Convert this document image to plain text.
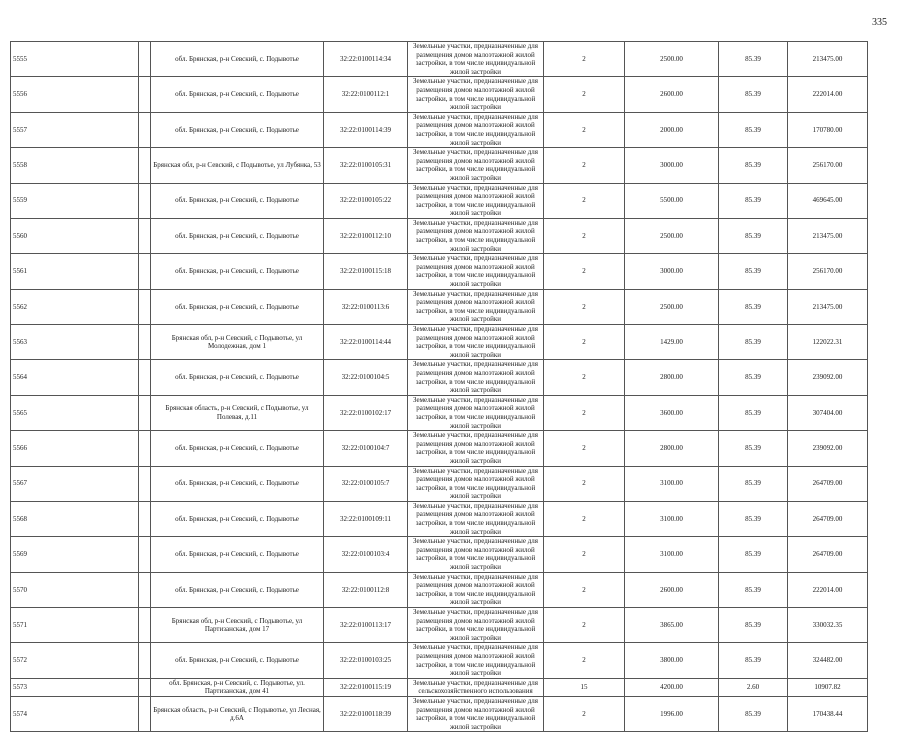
335
5555		обл. Брянская, р-н Севский, с. Подывотье	32:22:0100114:34	Земельные участки, предназначенные для размещения домов малоэтажной жилой застройки, в том числе индивидуальной жилой застройки	2	2500.00	85.39	213475.00
5556		обл. Брянская, р-н Севский, с. Подывотье	32:22:0100112:1	Земельные участки, предназначенные для размещения домов малоэтажной жилой застройки, в том числе индивидуальной жилой застройки	2	2600.00	85.39	222014.00
5557		обл. Брянская, р-н Севский, с. Подывотье	32:22:0100114:39	Земельные участки, предназначенные для размещения домов малоэтажной жилой застройки, в том числе индивидуальной жилой застройки	2	2000.00	85.39	170780.00
5558		Брянская обл, р-н Севский, с Подывотье, ул Лубянка, 53	32:22:0100105:31	Земельные участки, предназначенные для размещения домов малоэтажной жилой застройки, в том числе индивидуальной жилой застройки	2	3000.00	85.39	256170.00
5559		обл. Брянская, р-н Севский, с. Подывотье	32:22:0100105:22	Земельные участки, предназначенные для размещения домов малоэтажной жилой застройки, в том числе индивидуальной жилой застройки	2	5500.00	85.39	469645.00
5560		обл. Брянская, р-н Севский, с. Подывотье	32:22:0100112:10	Земельные участки, предназначенные для размещения домов малоэтажной жилой застройки, в том числе индивидуальной жилой застройки	2	2500.00	85.39	213475.00
5561		обл. Брянская, р-н Севский, с. Подывотье	32:22:0100115:18	Земельные участки, предназначенные для размещения домов малоэтажной жилой застройки, в том числе индивидуальной жилой застройки	2	3000.00	85.39	256170.00
5562		обл. Брянская, р-н Севский, с. Подывотье	32:22:0100113:6	Земельные участки, предназначенные для размещения домов малоэтажной жилой застройки, в том числе индивидуальной жилой застройки	2	2500.00	85.39	213475.00
5563		Брянская обл, р-н Севский, с Подывотье, ул Молодежная, дом 1	32:22:0100114:44	Земельные участки, предназначенные для размещения домов малоэтажной жилой застройки, в том числе индивидуальной жилой застройки	2	1429.00	85.39	122022.31
5564		обл. Брянская, р-н Севский, с. Подывотье	32:22:0100104:5	Земельные участки, предназначенные для размещения домов малоэтажной жилой застройки, в том числе индивидуальной жилой застройки	2	2800.00	85.39	239092.00
5565		Брянская область, р-н Севский, с Подывотье, ул Полевая, д.11	32:22:0100102:17	Земельные участки, предназначенные для размещения домов малоэтажной жилой застройки, в том числе индивидуальной жилой застройки	2	3600.00	85.39	307404.00
5566		обл. Брянская, р-н Севский, с. Подывотье	32:22:0100104:7	Земельные участки, предназначенные для размещения домов малоэтажной жилой застройки, в том числе индивидуальной жилой застройки	2	2800.00	85.39	239092.00
5567		обл. Брянская, р-н Севский, с. Подывотье	32:22:0100105:7	Земельные участки, предназначенные для размещения домов малоэтажной жилой застройки, в том числе индивидуальной жилой застройки	2	3100.00	85.39	264709.00
5568		обл. Брянская, р-н Севский, с. Подывотье	32:22:0100109:11	Земельные участки, предназначенные для размещения домов малоэтажной жилой застройки, в том числе индивидуальной жилой застройки	2	3100.00	85.39	264709.00
5569		обл. Брянская, р-н Севский, с. Подывотье	32:22:0100103:4	Земельные участки, предназначенные для размещения домов малоэтажной жилой застройки, в том числе индивидуальной жилой застройки	2	3100.00	85.39	264709.00
5570		обл. Брянская, р-н Севский, с. Подывотье	32:22:0100112:8	Земельные участки, предназначенные для размещения домов малоэтажной жилой застройки, в том числе индивидуальной жилой застройки	2	2600.00	85.39	222014.00
5571		Брянская обл, р-н Севский, с Подывотье, ул Партизанская, дом 17	32:22:0100113:17	Земельные участки, предназначенные для размещения домов малоэтажной жилой застройки, в том числе индивидуальной жилой застройки	2	3865.00	85.39	330032.35
5572		обл. Брянская, р-н Севский, с. Подывотье	32:22:0100103:25	Земельные участки, предназначенные для размещения домов малоэтажной жилой застройки, в том числе индивидуальной жилой застройки	2	3800.00	85.39	324482.00
5573		обл. Брянская, р-н Севский, с. Подывотье, ул. Партизанская, дом 41	32:22:0100115:19	Земельные участки, предназначенные для сельскохозяйственного использования	15	4200.00	2.60	10907.82
5574		Брянская область, р-н Севский, с Подывотье, ул Лесная, д.6А	32:22:0100118:39	Земельные участки, предназначенные для размещения домов малоэтажной жилой застройки, в том числе индивидуальной жилой застройки	2	1996.00	85.39	170438.44
